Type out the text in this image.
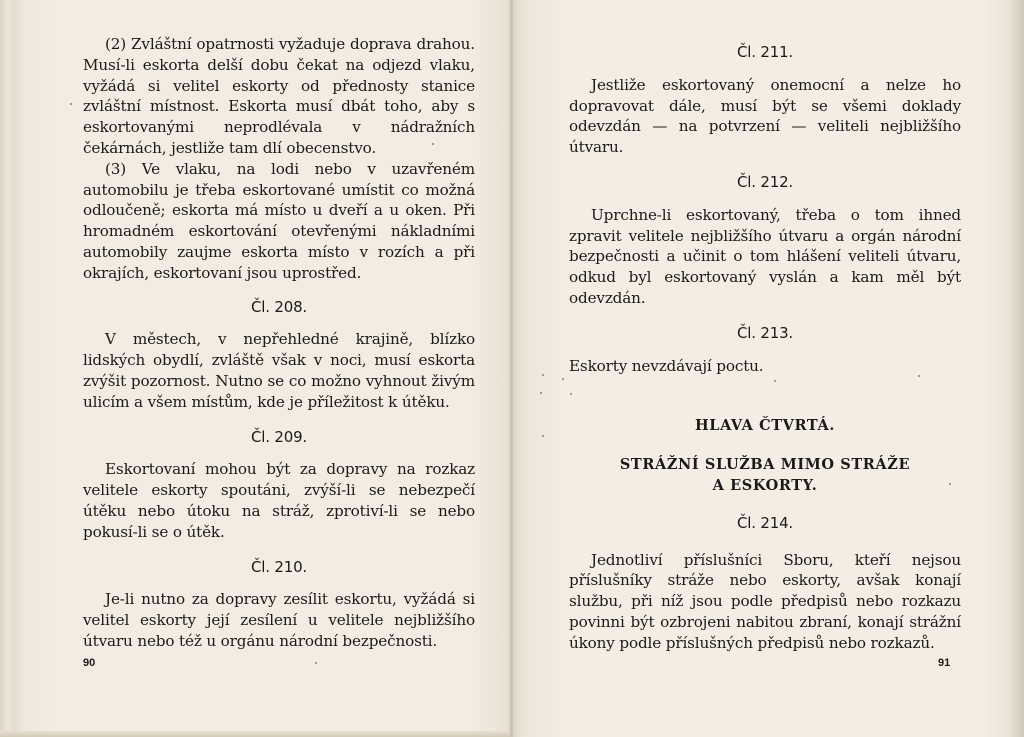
(2) Zvláštní opatrnosti vyžaduje doprava drahou. Musí-li eskorta delší dobu čekat na odjezd vlaku, vyžádá si velitel eskorty od přednosty stanice zvláštní místnost. Eskorta musí dbát toho, aby s eskortovanými neprodlévala v nádražních čekárnách, jestliže tam dlí obecenstvo.

(3) Ve vlaku, na lodi nebo v uzavřeném automobilu je třeba eskortované umístit co možná odloučeně; eskorta má místo u dveří a u oken. Při hromadném eskortování otevřenými nákladními automobily zaujme eskorta místo v rozích a při okrajích, eskortovaní jsou uprostřed.

Čl. 208.

V městech, v nepřehledné krajině, blízko lidských obydlí, zvláště však v noci, musí eskorta zvýšit pozornost. Nutno se co možno vyhnout živým ulicím a všem místům, kde je příležitost k útěku.

Čl. 209.

Eskortovaní mohou být za dopravy na rozkaz velitele eskorty spoutáni, zvýší-li se nebezpečí útěku nebo útoku na stráž, zprotiví-li se nebo pokusí-li se o útěk.

Čl. 210.

Je-li nutno za dopravy zesílit eskortu, vyžádá si velitel eskorty její zesílení u velitele nejbližšího útvaru nebo též u orgánu národní bezpečnosti.

90
Čl. 211.

Jestliže eskortovaný onemocní a nelze ho dopravovat dále, musí být se všemi doklady odevzdán — na potvrzení — veliteli nejbližšího útvaru.

Čl. 212.

Uprchne-li eskortovaný, třeba o tom ihned zpravit velitele nejbližšího útvaru a orgán národní bezpečnosti a učinit o tom hlášení veliteli útvaru, odkud byl eskortovaný vyslán a kam měl být odevzdán.

Čl. 213.

Eskorty nevzdávají poctu.

HLAVA ČTVRTÁ.
STRÁŽNÍ SLUŽBA MIMO STRÁŽE
A ESKORTY.
Čl. 214.

Jednotliví příslušníci Sboru, kteří nejsou příslušníky stráže nebo eskorty, avšak konají službu, při níž jsou podle předpisů nebo rozkazu povinni být ozbrojeni nabitou zbraní, konají strážní úkony podle příslušných předpisů nebo rozkazů.

91
